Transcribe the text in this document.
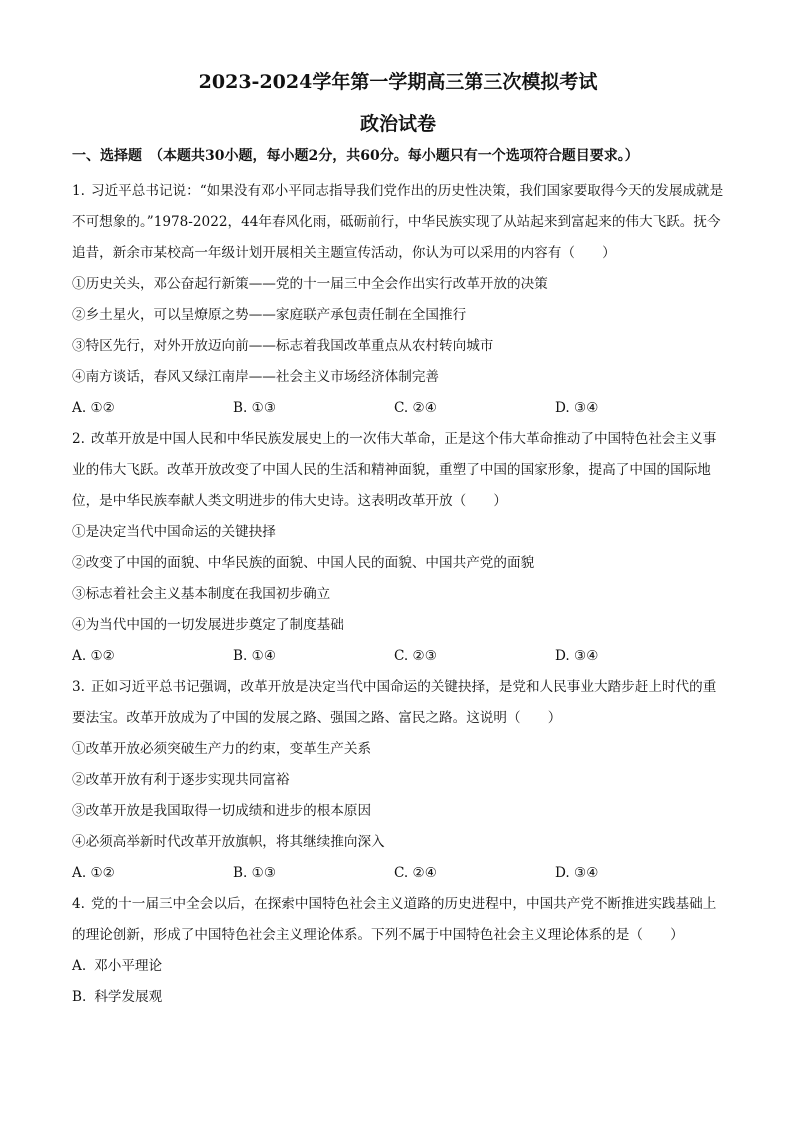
2023-2024学年第一学期高三第三次模拟考试
政治试卷
一、选择题　（本题共30小题，每小题2分，共60分。每小题只有一个选项符合题目要求。）

1. 习近平总书记说：“如果没有邓小平同志指导我们党作出的历史性决策，我们国家要取得今天的发展成就是不可想象的。”1978-2022，44年春风化雨，砥砺前行，中华民族实现了从站起来到富起来的伟大飞跃。抚今追昔，新余市某校高一年级计划开展相关主题宣传活动，你认为可以采用的内容有（　　）

①历史关头，邓公奋起行新策——党的十一届三中全会作出实行改革开放的决策

②乡土星火，可以呈燎原之势——家庭联产承包责任制在全国推行

③特区先行，对外开放迈向前——标志着我国改革重点从农村转向城市

④南方谈话，春风又绿江南岸——社会主义市场经济体制完善

A. ①②	B. ①③	C. ②④	D. ③④

2. 改革开放是中国人民和中华民族发展史上的一次伟大革命，正是这个伟大革命推动了中国特色社会主义事业的伟大飞跃。改革开放改变了中国人民的生活和精神面貌，重塑了中国的国家形象，提高了中国的国际地位，是中华民族奉献人类文明进步的伟大史诗。这表明改革开放（　　）

①是决定当代中国命运的关键抉择

②改变了中国的面貌、中华民族的面貌、中国人民的面貌、中国共产党的面貌

③标志着社会主义基本制度在我国初步确立

④为当代中国的一切发展进步奠定了制度基础

A. ①②	B. ①④	C. ②③	D. ③④

3. 正如习近平总书记强调，改革开放是决定当代中国命运的关键抉择，是党和人民事业大踏步赶上时代的重要法宝。改革开放成为了中国的发展之路、强国之路、富民之路。这说明（　　）

①改革开放必须突破生产力的约束，变革生产关系

②改革开放有利于逐步实现共同富裕

③改革开放是我国取得一切成绩和进步的根本原因

④必须高举新时代改革开放旗帜，将其继续推向深入

A. ①②	B. ①③	C. ②④	D. ③④

4. 党的十一届三中全会以后，在探索中国特色社会主义道路的历史进程中，中国共产党不断推进实践基础上的理论创新，形成了中国特色社会主义理论体系。下列不属于中国特色社会主义理论体系的是（　　）

A. 邓小平理论
B. 科学发展观
